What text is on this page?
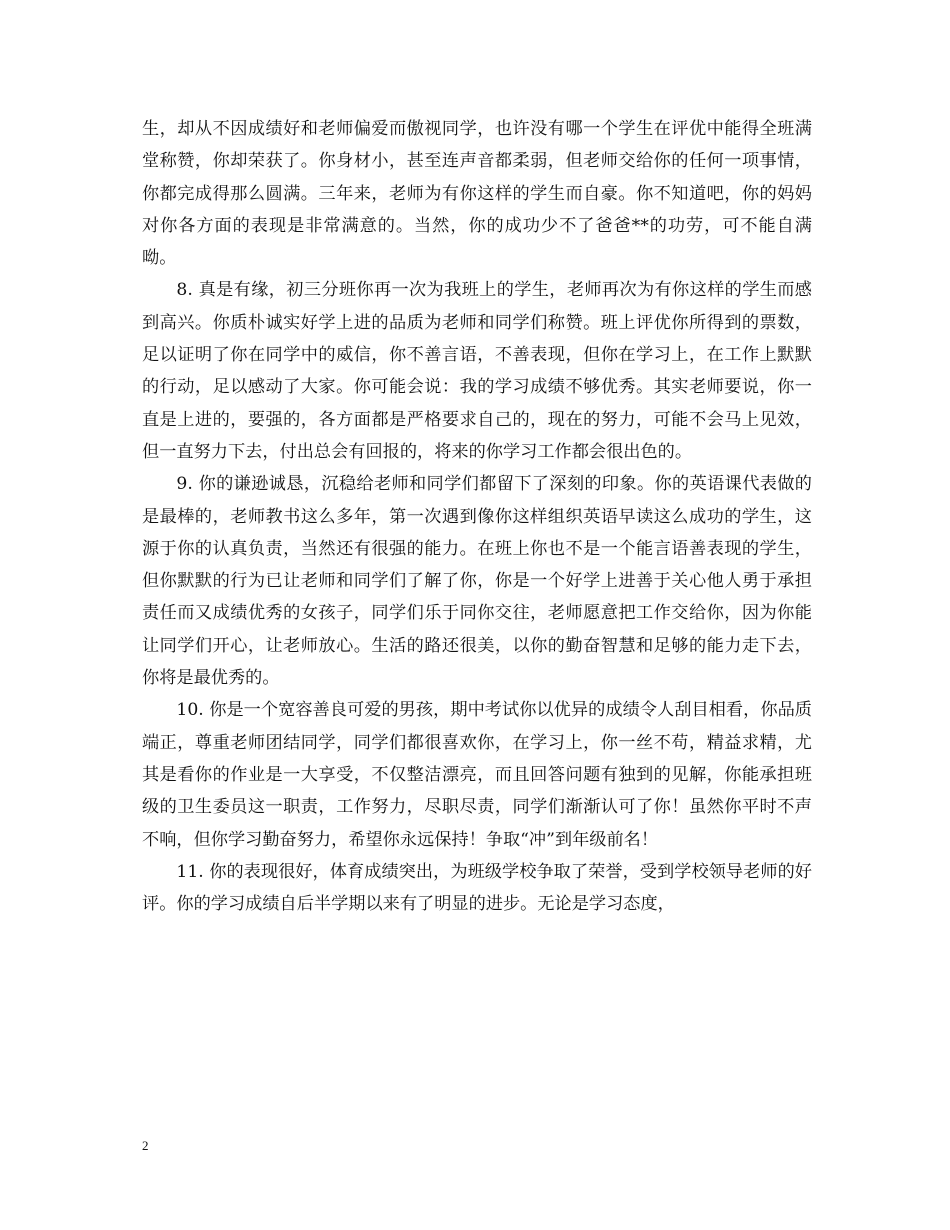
生，却从不因成绩好和老师偏爱而傲视同学，也许没有哪一个学生在评优中能得全班满堂称赞，你却荣获了。你身材小，甚至连声音都柔弱，但老师交给你的任何一项事情，你都完成得那么圆满。三年来，老师为有你这样的学生而自豪。你不知道吧，你的妈妈对你各方面的表现是非常满意的。当然，你的成功少不了爸爸**的功劳，可不能自满呦。

8. 真是有缘，初三分班你再一次为我班上的学生，老师再次为有你这样的学生而感到高兴。你质朴诚实好学上进的品质为老师和同学们称赞。班上评优你所得到的票数，足以证明了你在同学中的威信，你不善言语，不善表现，但你在学习上，在工作上默默的行动，足以感动了大家。你可能会说：我的学习成绩不够优秀。其实老师要说，你一直是上进的，要强的，各方面都是严格要求自己的，现在的努力，可能不会马上见效，但一直努力下去，付出总会有回报的，将来的你学习工作都会很出色的。

9. 你的谦逊诚恳，沉稳给老师和同学们都留下了深刻的印象。你的英语课代表做的是最棒的，老师教书这么多年，第一次遇到像你这样组织英语早读这么成功的学生，这源于你的认真负责，当然还有很强的能力。在班上你也不是一个能言语善表现的学生，但你默默的行为已让老师和同学们了解了你，你是一个好学上进善于关心他人勇于承担责任而又成绩优秀的女孩子，同学们乐于同你交往，老师愿意把工作交给你，因为你能让同学们开心，让老师放心。生活的路还很美，以你的勤奋智慧和足够的能力走下去，你将是最优秀的。

10. 你是一个宽容善良可爱的男孩，期中考试你以优异的成绩令人刮目相看，你品质端正，尊重老师团结同学，同学们都很喜欢你，在学习上，你一丝不苟，精益求精，尤其是看你的作业是一大享受，不仅整洁漂亮，而且回答问题有独到的见解，你能承担班级的卫生委员这一职责，工作努力，尽职尽责，同学们渐渐认可了你！虽然你平时不声不响，但你学习勤奋努力，希望你永远保持！争取“冲”到年级前名！

11. 你的表现很好，体育成绩突出，为班级学校争取了荣誉，受到学校领导老师的好评。你的学习成绩自后半学期以来有了明显的进步。无论是学习态度，

2
